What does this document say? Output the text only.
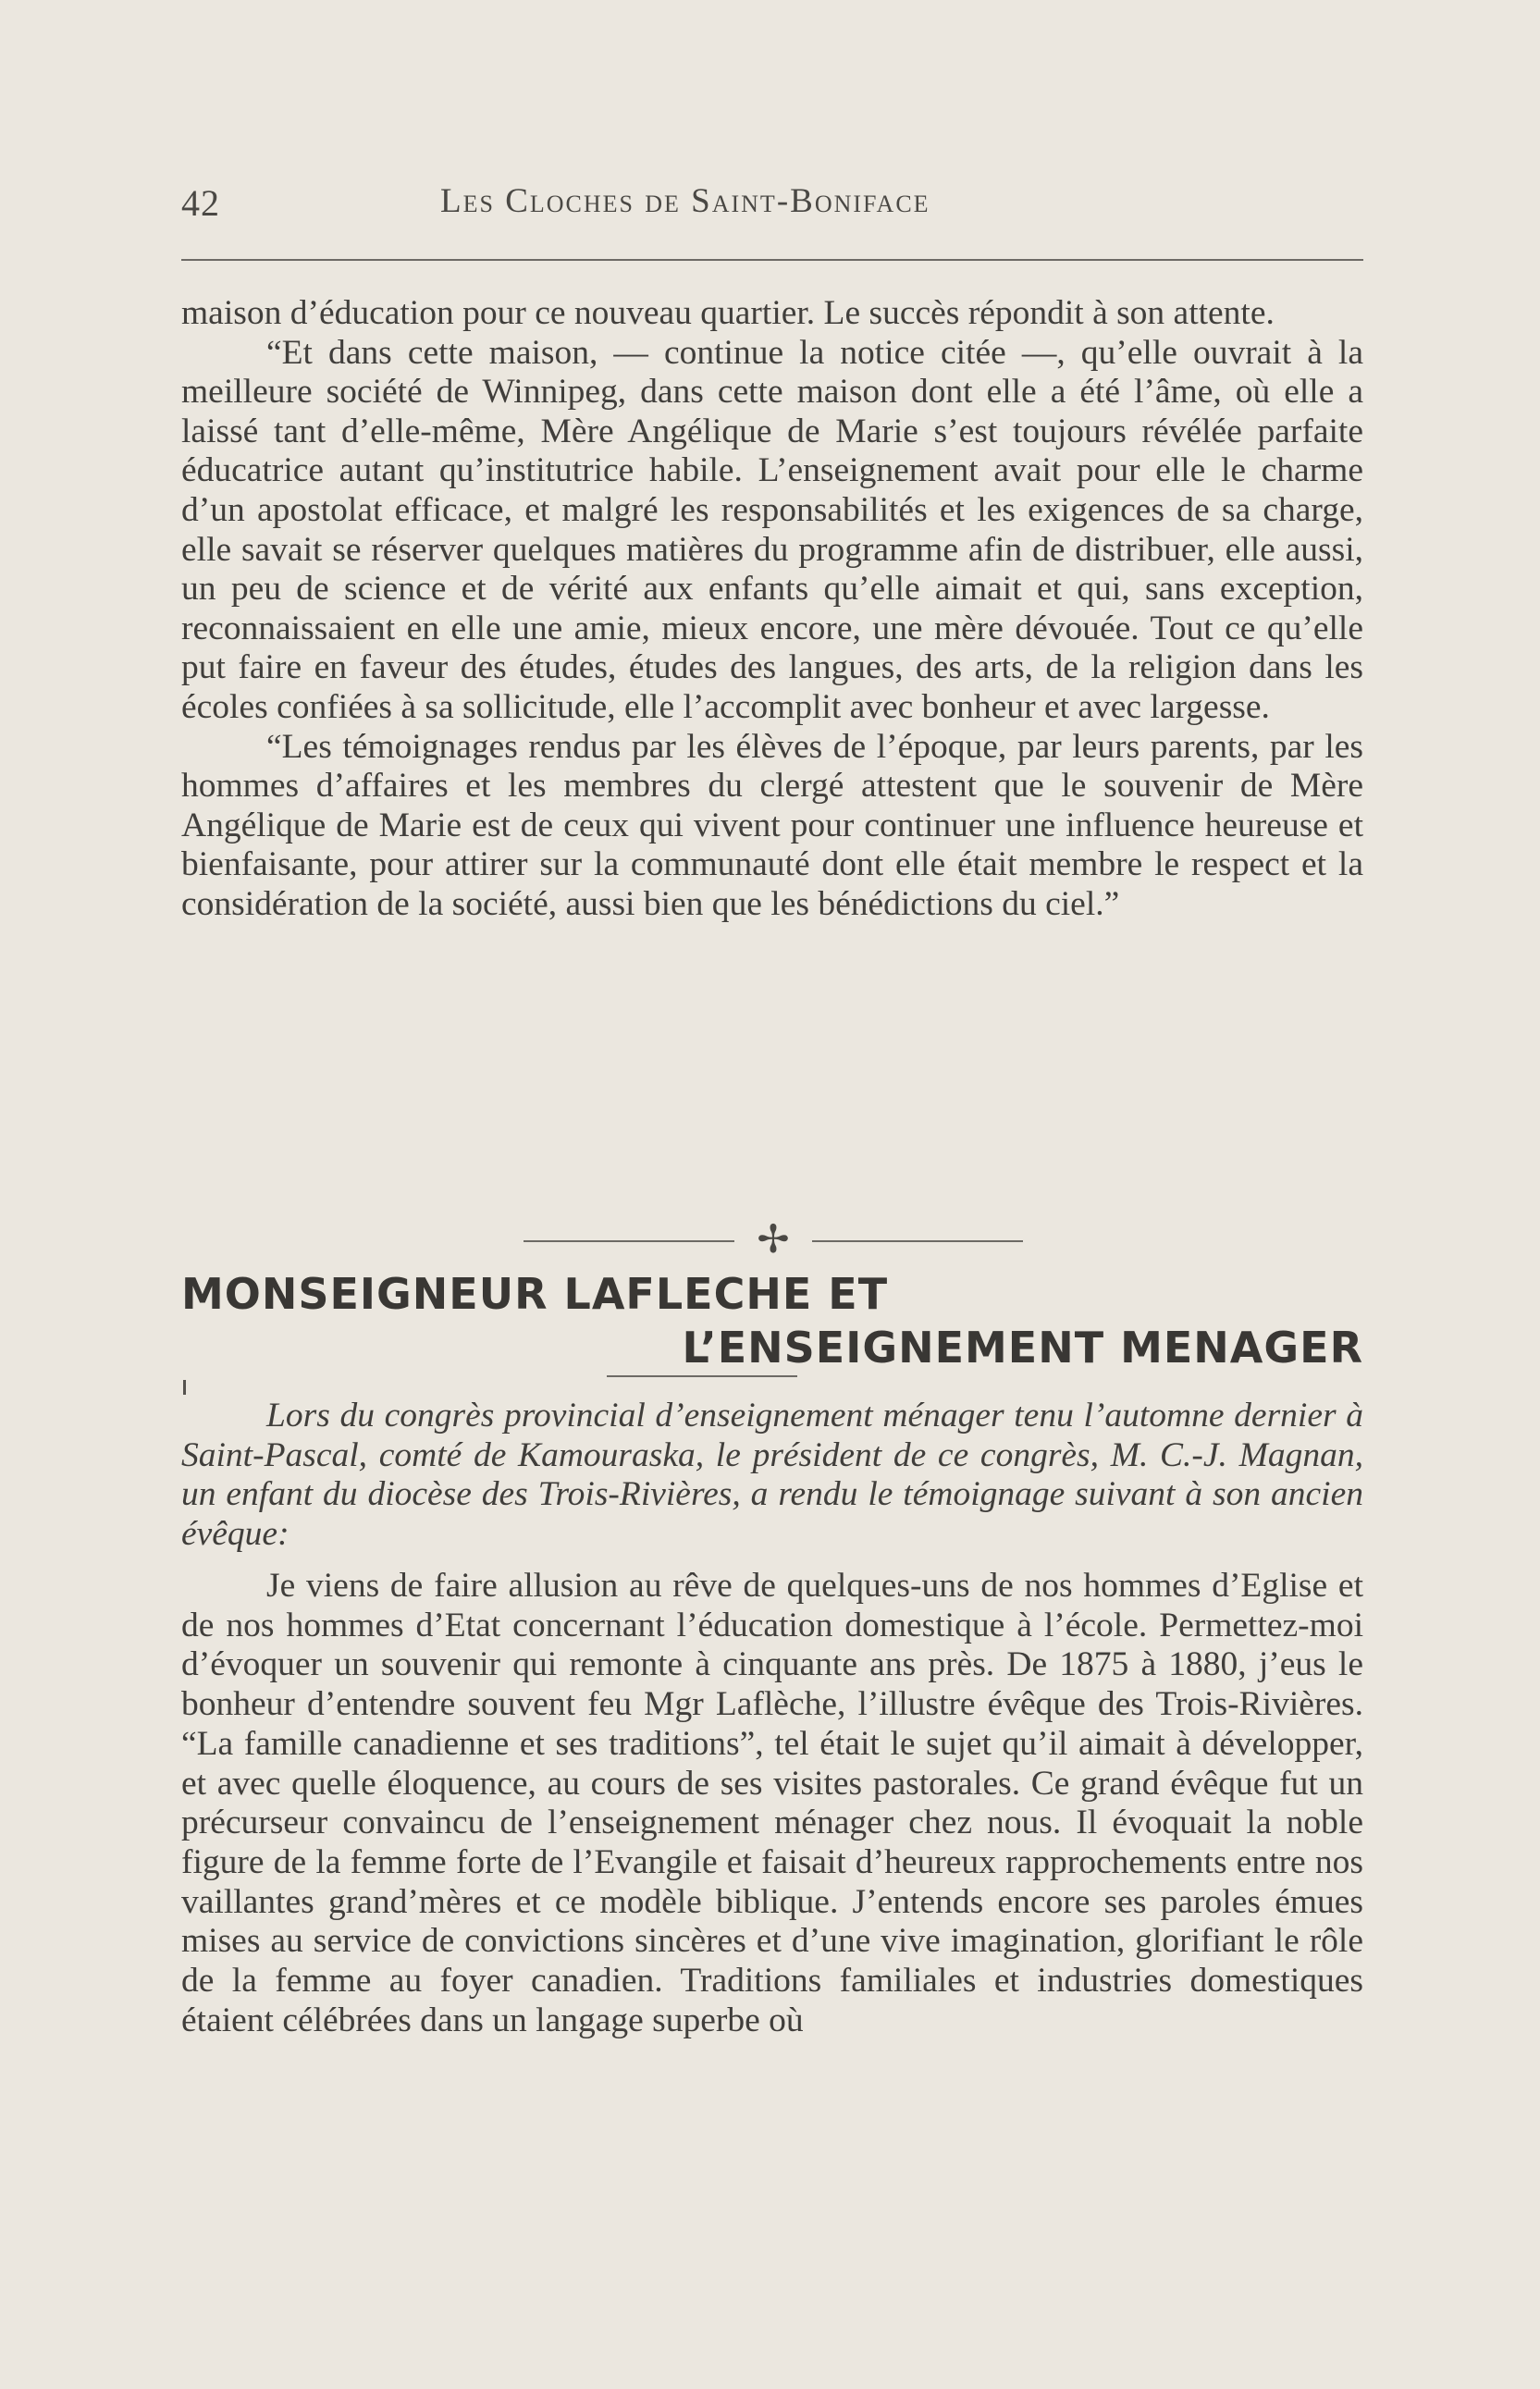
42	Les Cloches de Saint-Boniface

maison d’éducation pour ce nouveau quartier. Le succès répondit à son attente.

“Et dans cette maison, — continue la notice citée —, qu’elle ouvrait à la meilleure société de Winnipeg, dans cette maison dont elle a été l’âme, où elle a laissé tant d’elle-même, Mère Angélique de Marie s’est toujours révélée parfaite éducatrice autant qu’institutrice habile. L’enseignement avait pour elle le charme d’un apostolat efficace, et malgré les responsabilités et les exigences de sa charge, elle savait se réserver quelques matières du programme afin de distribuer, elle aussi, un peu de science et de vérité aux enfants qu’elle aimait et qui, sans exception, reconnaissaient en elle une amie, mieux encore, une mère dévouée. Tout ce qu’elle put faire en faveur des études, études des langues, des arts, de la religion dans les écoles confiées à sa sollicitude, elle l’accomplit avec bonheur et avec largesse.

“Les témoignages rendus par les élèves de l’époque, par leurs parents, par les hommes d’affaires et les membres du clergé attestent que le souvenir de Mère Angélique de Marie est de ceux qui vivent pour continuer une influence heureuse et bienfaisante, pour attirer sur la communauté dont elle était membre le respect et la considération de la société, aussi bien que les bénédictions du ciel.”

✢

MONSEIGNEUR LAFLECHE ET

L’ENSEIGNEMENT MENAGER

Lors du congrès provincial d’enseignement ménager tenu l’automne dernier à Saint-Pascal, comté de Kamouraska, le président de ce congrès, M. C.-J. Magnan, un enfant du diocèse des Trois-Rivières, a rendu le témoignage suivant à son ancien évêque:

Je viens de faire allusion au rêve de quelques-uns de nos hommes d’Eglise et de nos hommes d’Etat concernant l’éducation domestique à l’école. Permettez-moi d’évoquer un souvenir qui remonte à cinquante ans près. De 1875 à 1880, j’eus le bonheur d’entendre souvent feu Mgr Laflèche, l’illustre évêque des Trois-Rivières. “La famille canadienne et ses traditions”, tel était le sujet qu’il aimait à développer, et avec quelle éloquence, au cours de ses visites pastorales. Ce grand évêque fut un précurseur convaincu de l’enseignement ménager chez nous. Il évoquait la noble figure de la femme forte de l’Evangile et faisait d’heureux rapprochements entre nos vaillantes grand’mères et ce modèle biblique. J’entends encore ses paroles émues mises au service de convictions sincères et d’une vive imagination, glorifiant le rôle de la femme au foyer canadien. Traditions familiales et industries domestiques étaient célébrées dans un langage superbe où
